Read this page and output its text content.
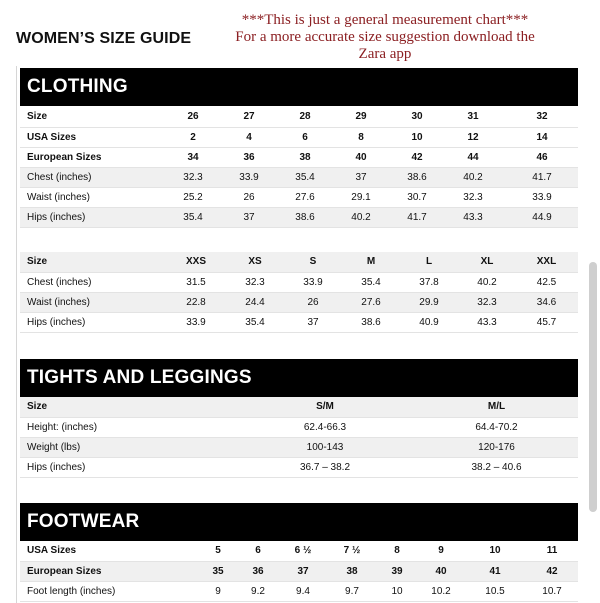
WOMEN’S SIZE GUIDE
***This is just a general measurement chart***
For a more accurate size suggestion download the
Zara app
CLOTHING
Size	26	27	28	29	30	31	32
USA Sizes	2	4	6	8	10	12	14
European Sizes	34	36	38	40	42	44	46
Chest (inches)	32.3	33.9	35.4	37	38.6	40.2	41.7
Waist (inches)	25.2	26	27.6	29.1	30.7	32.3	33.9
Hips (inches)	35.4	37	38.6	40.2	41.7	43.3	44.9
Size	XXS	XS	S	M	L	XL	XXL
Chest (inches)	31.5	32.3	33.9	35.4	37.8	40.2	42.5
Waist (inches)	22.8	24.4	26	27.6	29.9	32.3	34.6
Hips (inches)	33.9	35.4	37	38.6	40.9	43.3	45.7
TIGHTS AND LEGGINGS
Size	S/M	M/L
Height: (inches)	62.4-66.3	64.4-70.2
Weight (lbs)	100-143	120-176
Hips (inches)	36.7 – 38.2	38.2 – 40.6
FOOTWEAR
USA Sizes	5	6	6 ½	7 ½	8	9	10	11
European Sizes	35	36	37	38	39	40	41	42
Foot length (inches)	9	9.2	9.4	9.7	10	10.2	10.5	10.7
